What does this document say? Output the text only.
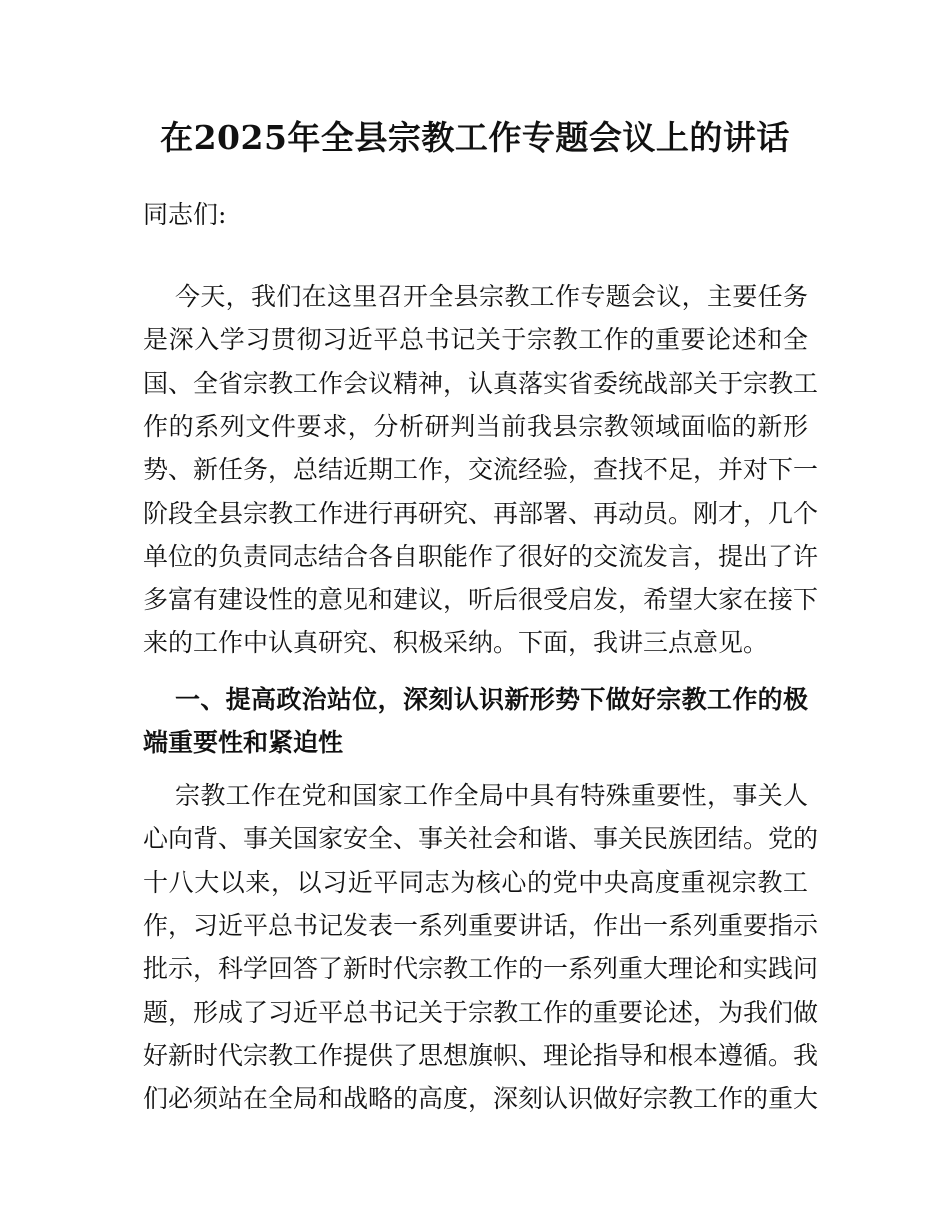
在2025年全县宗教工作专题会议上的讲话
同志们:
今天，我们在这里召开全县宗教工作专题会议，主要任务
是深入学习贯彻习近平总书记关于宗教工作的重要论述和全
国、全省宗教工作会议精神，认真落实省委统战部关于宗教工
作的系列文件要求，分析研判当前我县宗教领域面临的新形
势、新任务，总结近期工作，交流经验，查找不足，并对下一
阶段全县宗教工作进行再研究、再部署、再动员。刚才，几个
单位的负责同志结合各自职能作了很好的交流发言，提出了许
多富有建设性的意见和建议，听后很受启发，希望大家在接下
来的工作中认真研究、积极采纳。下面，我讲三点意见。
一、提高政治站位，深刻认识新形势下做好宗教工作的极
端重要性和紧迫性
宗教工作在党和国家工作全局中具有特殊重要性，事关人
心向背、事关国家安全、事关社会和谐、事关民族团结。党的
十八大以来，以习近平同志为核心的党中央高度重视宗教工
作，习近平总书记发表一系列重要讲话，作出一系列重要指示
批示，科学回答了新时代宗教工作的一系列重大理论和实践问
题，形成了习近平总书记关于宗教工作的重要论述，为我们做
好新时代宗教工作提供了思想旗帜、理论指导和根本遵循。我
们必须站在全局和战略的高度，深刻认识做好宗教工作的重大
